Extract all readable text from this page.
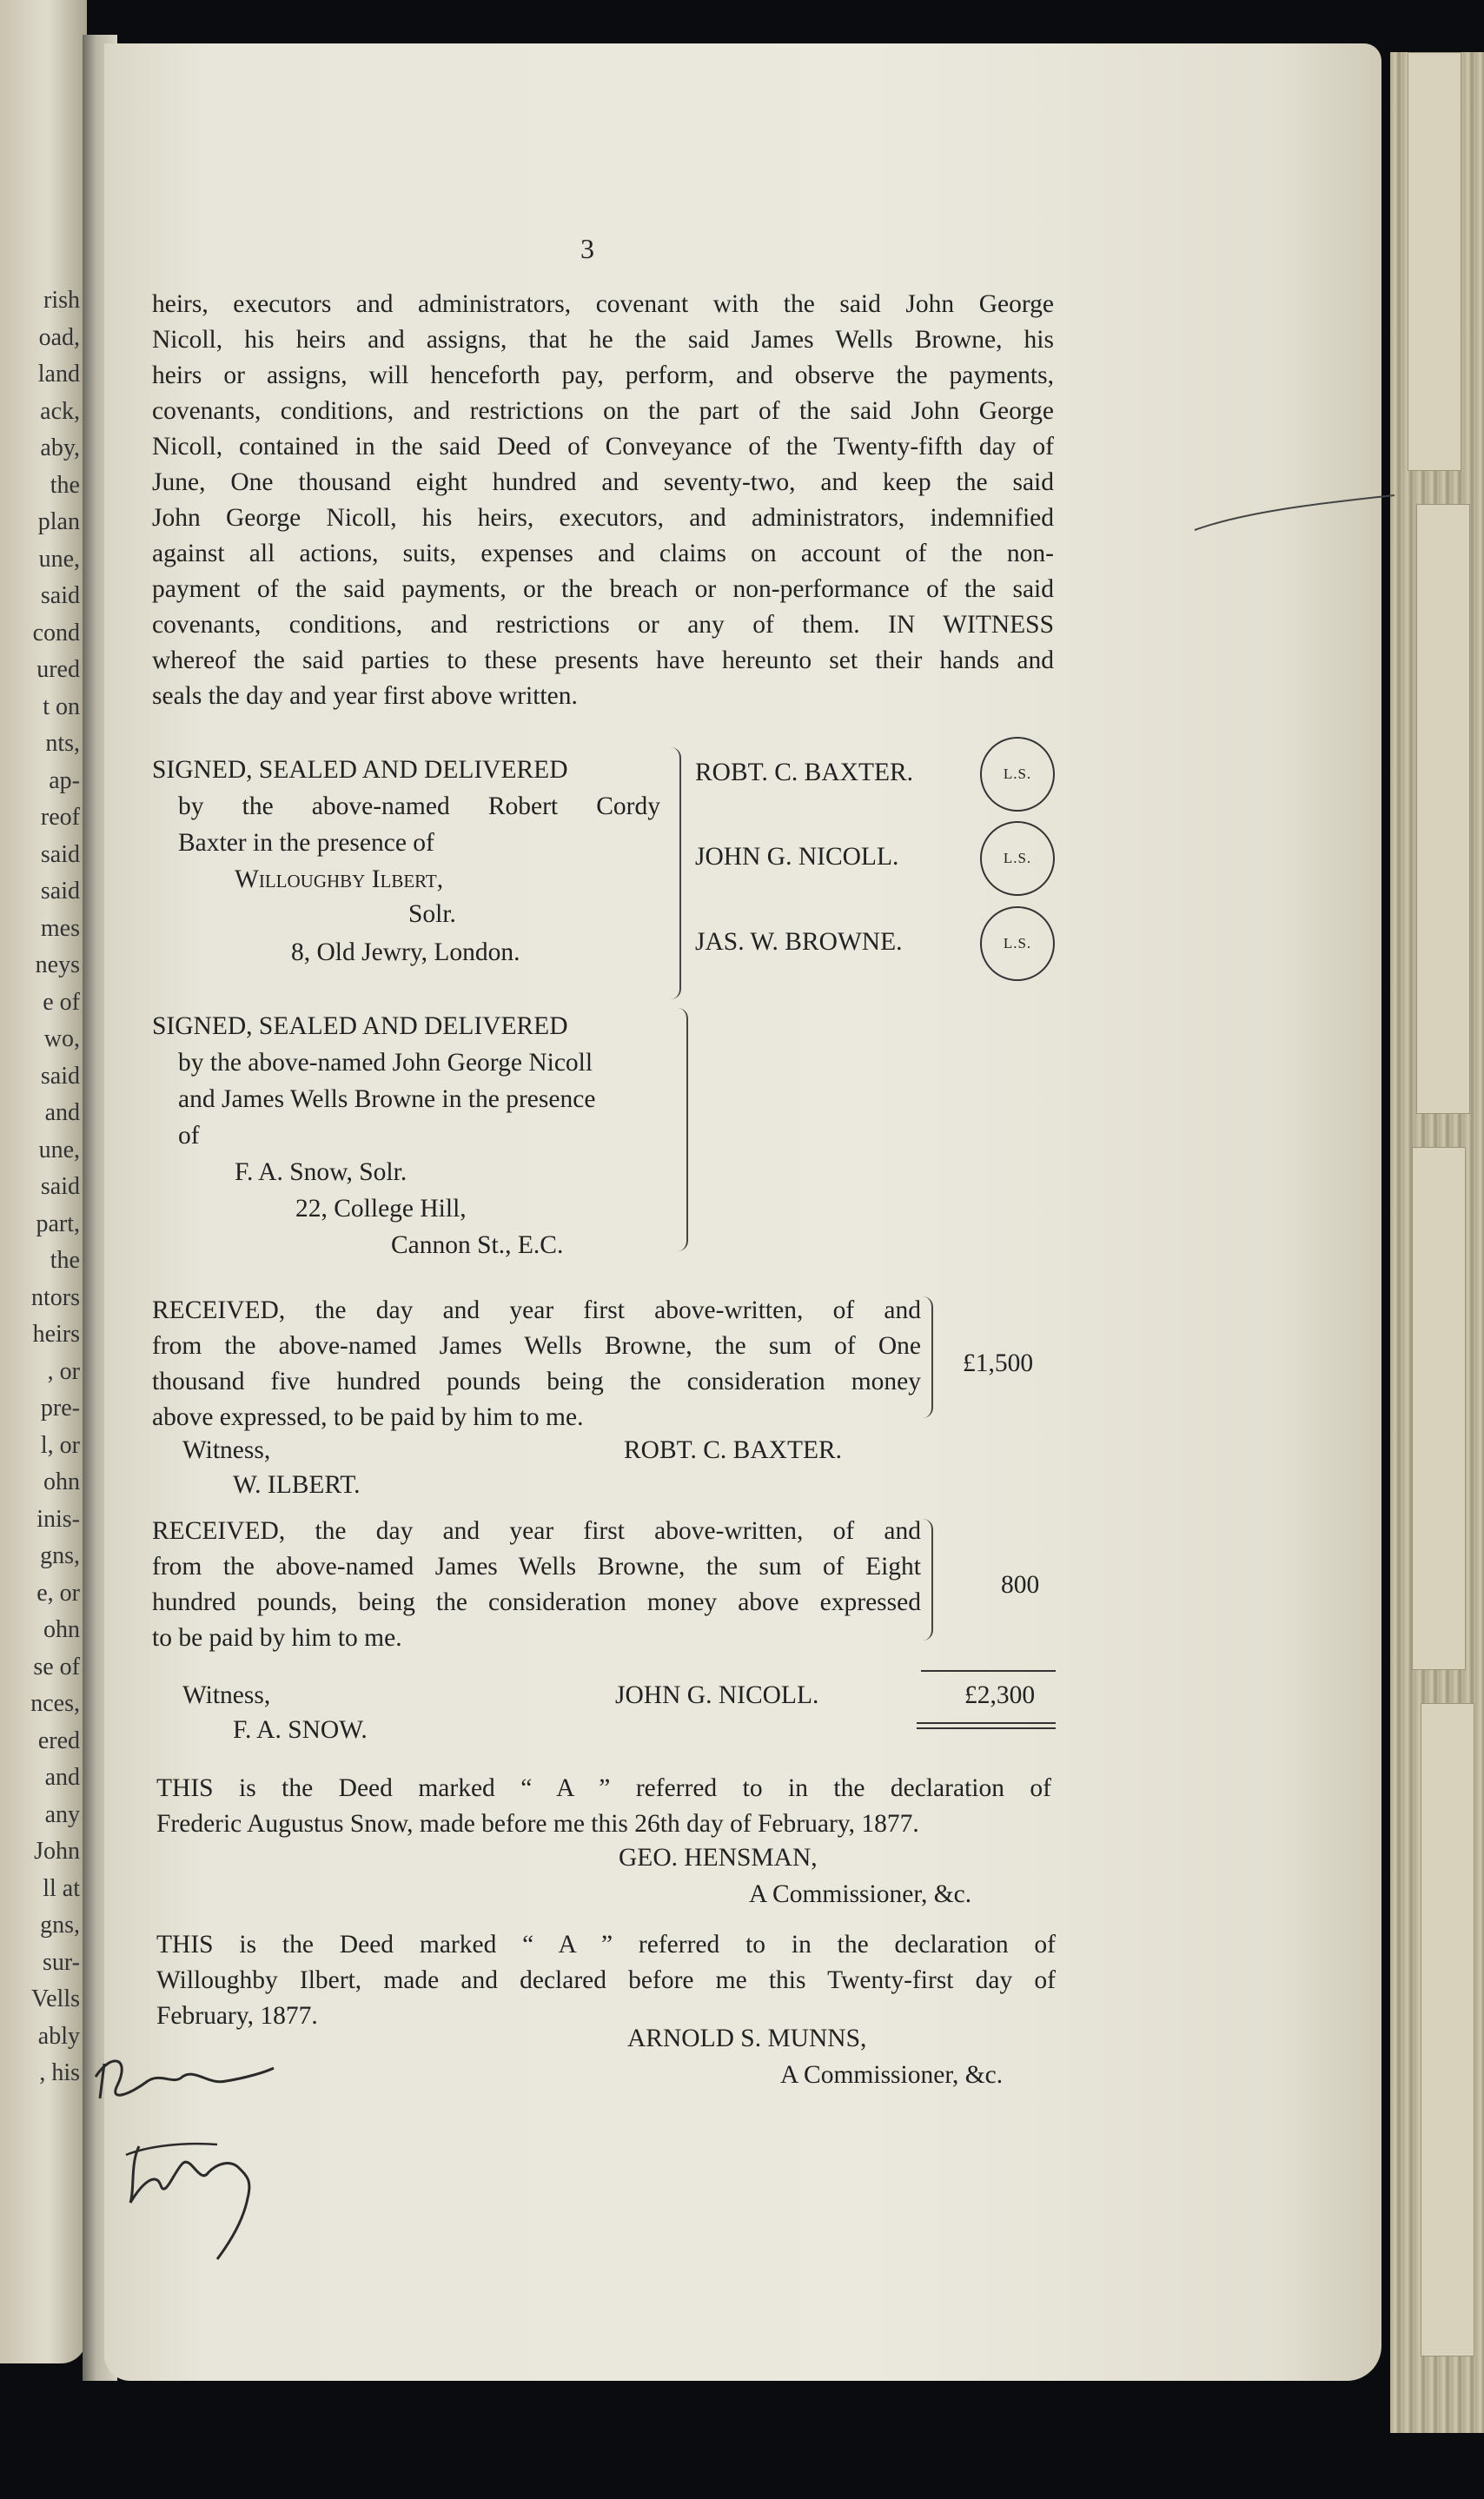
rish
oad,
land
ack,
aby,
the
plan
une,
said
cond
ured
t on
nts,
ap-
reof
said
said
mes
neys
e of
wo,
said
and
une,
said
part,
the
ntors
heirs
, or
pre-
l, or
ohn
inis-
gns,
e, or
ohn
se of
nces,
ered
and
any
John
ll at
gns,
sur-
Vells
ably
, his
3
heirs, executors and administrators, covenant with the said John George
Nicoll, his heirs and assigns, that he the said James Wells Browne, his
heirs or assigns, will henceforth pay, perform, and observe the payments,
covenants, conditions, and restrictions on the part of the said John George
Nicoll, contained in the said Deed of Conveyance of the Twenty-fifth day of
June, One thousand eight hundred and seventy-two, and keep the said
John George Nicoll, his heirs, executors, and administrators, indemnified
against all actions, suits, expenses and claims on account of the non-
payment of the said payments, or the breach or non-performance of the said
covenants, conditions, and restrictions or any of them. IN WITNESS
whereof the said parties to these presents have hereunto set their hands and
seals the day and year first above written.
SIGNED, SEALED AND DELIVERED
by the above-named Robert Cordy
Baxter in the presence of
Willoughby Ilbert,
Solr.
8, Old Jewry, London.
ROBT. C. BAXTER.	L.S.
JOHN G. NICOLL.	L.S.
JAS. W. BROWNE.	L.S.
SIGNED, SEALED AND DELIVERED
by the above-named John George Nicoll
and James Wells Browne in the presence
of
F. A. Snow, Solr.
22, College Hill,
Cannon St., E.C.
RECEIVED, the day and year first above-written, of and
from the above-named James Wells Browne, the sum of One
thousand five hundred pounds being the consideration money
above expressed, to be paid by him to me.
£1,500
Witness,	ROBT. C. BAXTER.
W. ILBERT.
RECEIVED, the day and year first above-written, of and
from the above-named James Wells Browne, the sum of Eight
hundred pounds, being the consideration money above expressed
to be paid by him to me.
800
Witness,	JOHN G. NICOLL.	£2,300
F. A. SNOW.
THIS is the Deed marked “ A ” referred to in the declaration of
Frederic Augustus Snow, made before me this 26th day of February, 1877.
GEO. HENSMAN,
A Commissioner, &c.
THIS is the Deed marked “ A ” referred to in the declaration of
Willoughby Ilbert, made and declared before me this Twenty-first day of
February, 1877.
ARNOLD S. MUNNS,
A Commissioner, &c.
